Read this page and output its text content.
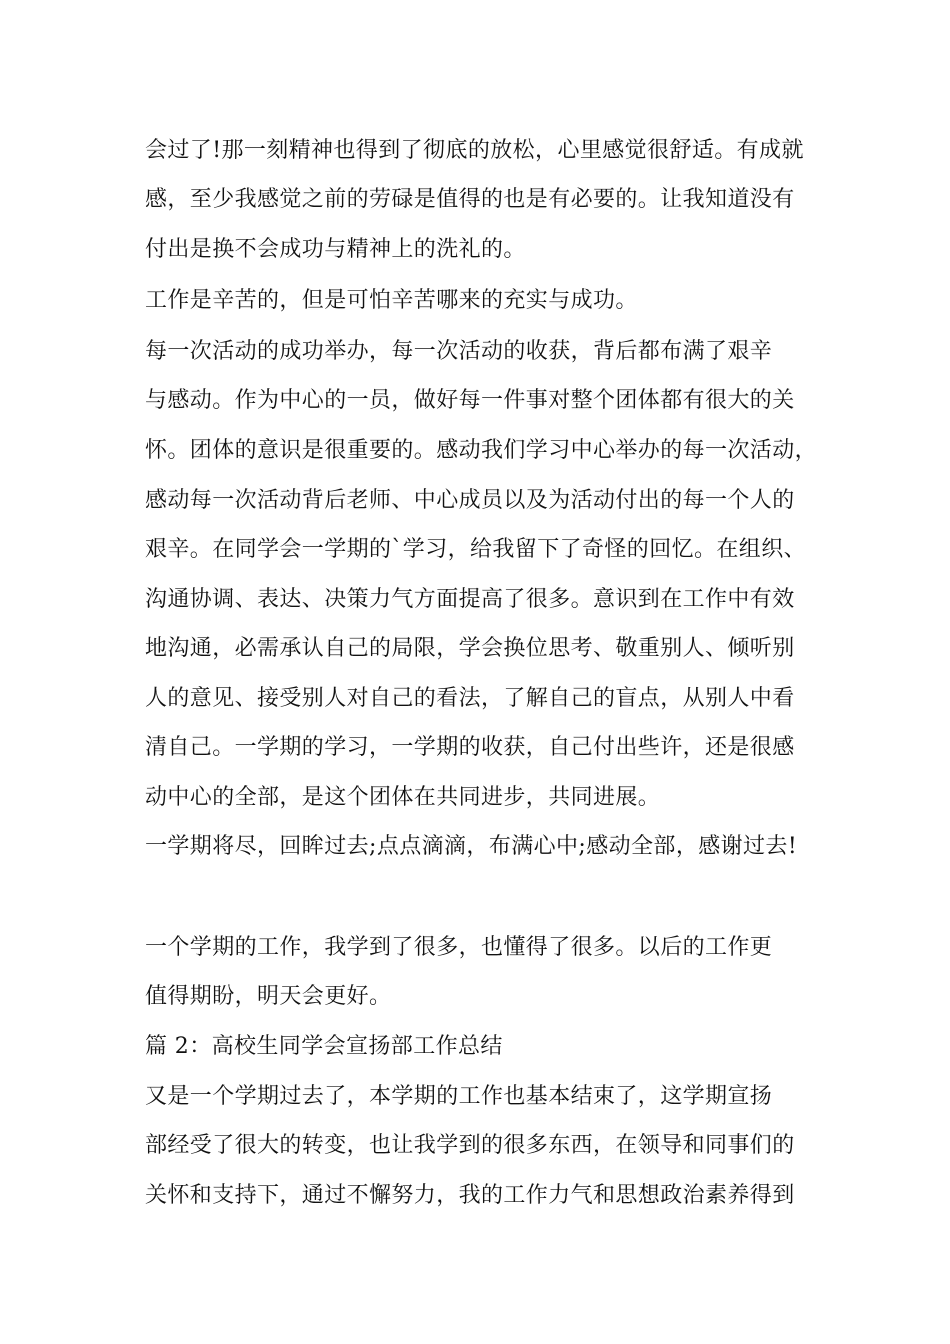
会过了!那一刻精神也得到了彻底的放松，心里感觉很舒适。有成就
感，至少我感觉之前的劳碌是值得的也是有必要的。让我知道没有
付出是换不会成功与精神上的洗礼的。
工作是辛苦的，但是可怕辛苦哪来的充实与成功。
每一次活动的成功举办，每一次活动的收获，背后都布满了艰辛
与感动。作为中心的一员，做好每一件事对整个团体都有很大的关
怀。团体的意识是很重要的。感动我们学习中心举办的每一次活动，
感动每一次活动背后老师、中心成员以及为活动付出的每一个人的
艰辛。在同学会一学期的`学习，给我留下了奇怪的回忆。在组织、
沟通协调、表达、决策力气方面提高了很多。意识到在工作中有效
地沟通，必需承认自己的局限，学会换位思考、敬重别人、倾听别
人的意见、接受别人对自己的看法，了解自己的盲点，从别人中看
清自己。一学期的学习，一学期的收获，自己付出些许，还是很感
动中心的全部，是这个团体在共同进步，共同进展。
一学期将尽，回眸过去;点点滴滴，布满心中;感动全部，感谢过去!
一个学期的工作，我学到了很多，也懂得了很多。以后的工作更
值得期盼，明天会更好。
篇 2：高校生同学会宣扬部工作总结
又是一个学期过去了，本学期的工作也基本结束了，这学期宣扬
部经受了很大的转变，也让我学到的很多东西，在领导和同事们的
关怀和支持下，通过不懈努力，我的工作力气和思想政治素养得到
